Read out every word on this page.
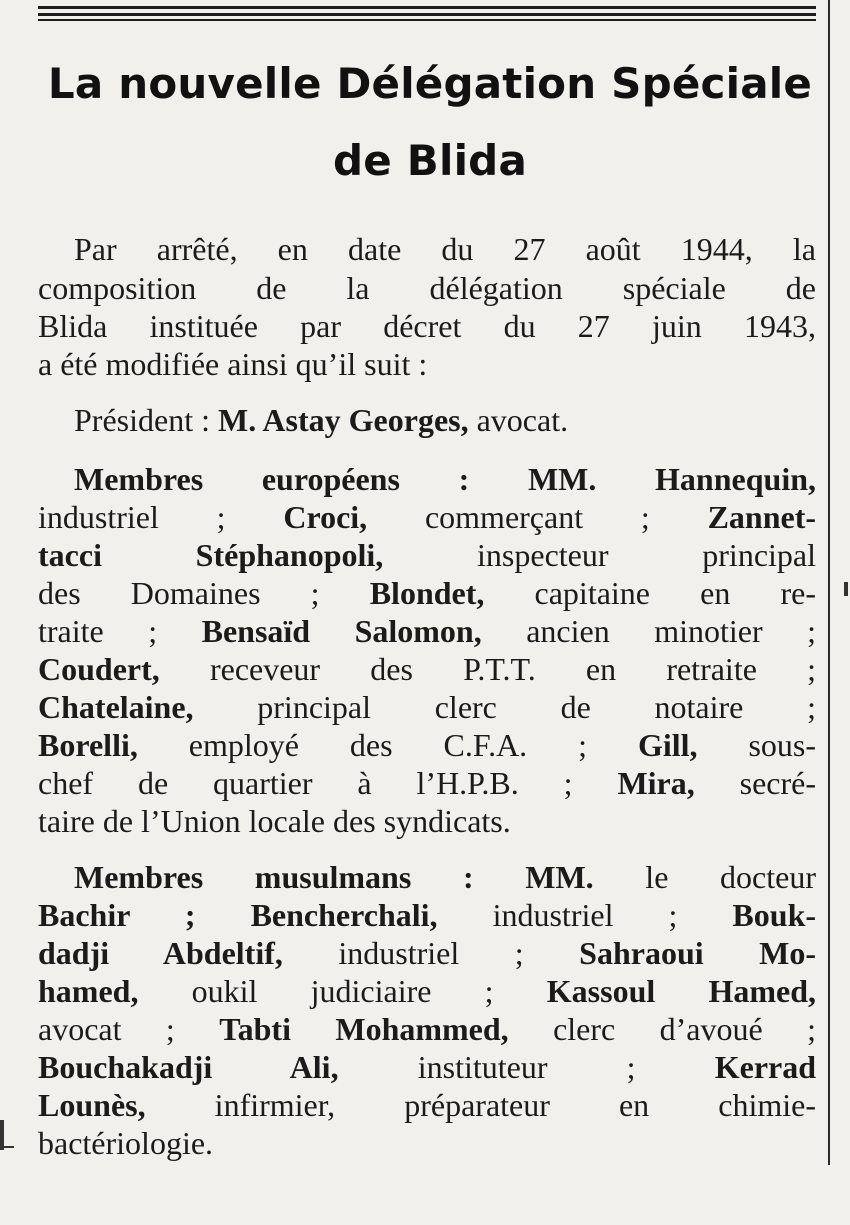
La nouvelle Délégation Spéciale
de Blida
Par arrêté, en date du 27 août 1944, la
composition de la délégation spéciale de
Blida instituée par décret du 27 juin 1943,
a été modifiée ainsi qu’il suit :
Président : M. Astay Georges, avocat.
Membres européens : MM. Hannequin,
industriel ; Croci, commerçant ; Zannet-
tacci Stéphanopoli, inspecteur principal
des Domaines ; Blondet, capitaine en re-
traite ; Bensaïd Salomon, ancien minotier ;
Coudert, receveur des P.T.T. en retraite ;
Chatelaine, principal clerc de notaire ;
Borelli, employé des C.F.A. ; Gill, sous-
chef de quartier à l’H.P.B. ; Mira, secré-
taire de l’Union locale des syndicats.
Membres musulmans : MM. le docteur
Bachir ; Bencherchali, industriel ; Bouk-
dadji Abdeltif, industriel ; Sahraoui Mo-
hamed, oukil judiciaire ; Kassoul Hamed,
avocat ; Tabti Mohammed, clerc d’avoué ;
Bouchakadji Ali, instituteur ; Kerrad
Lounès, infirmier, préparateur en chimie-
bactériologie.
